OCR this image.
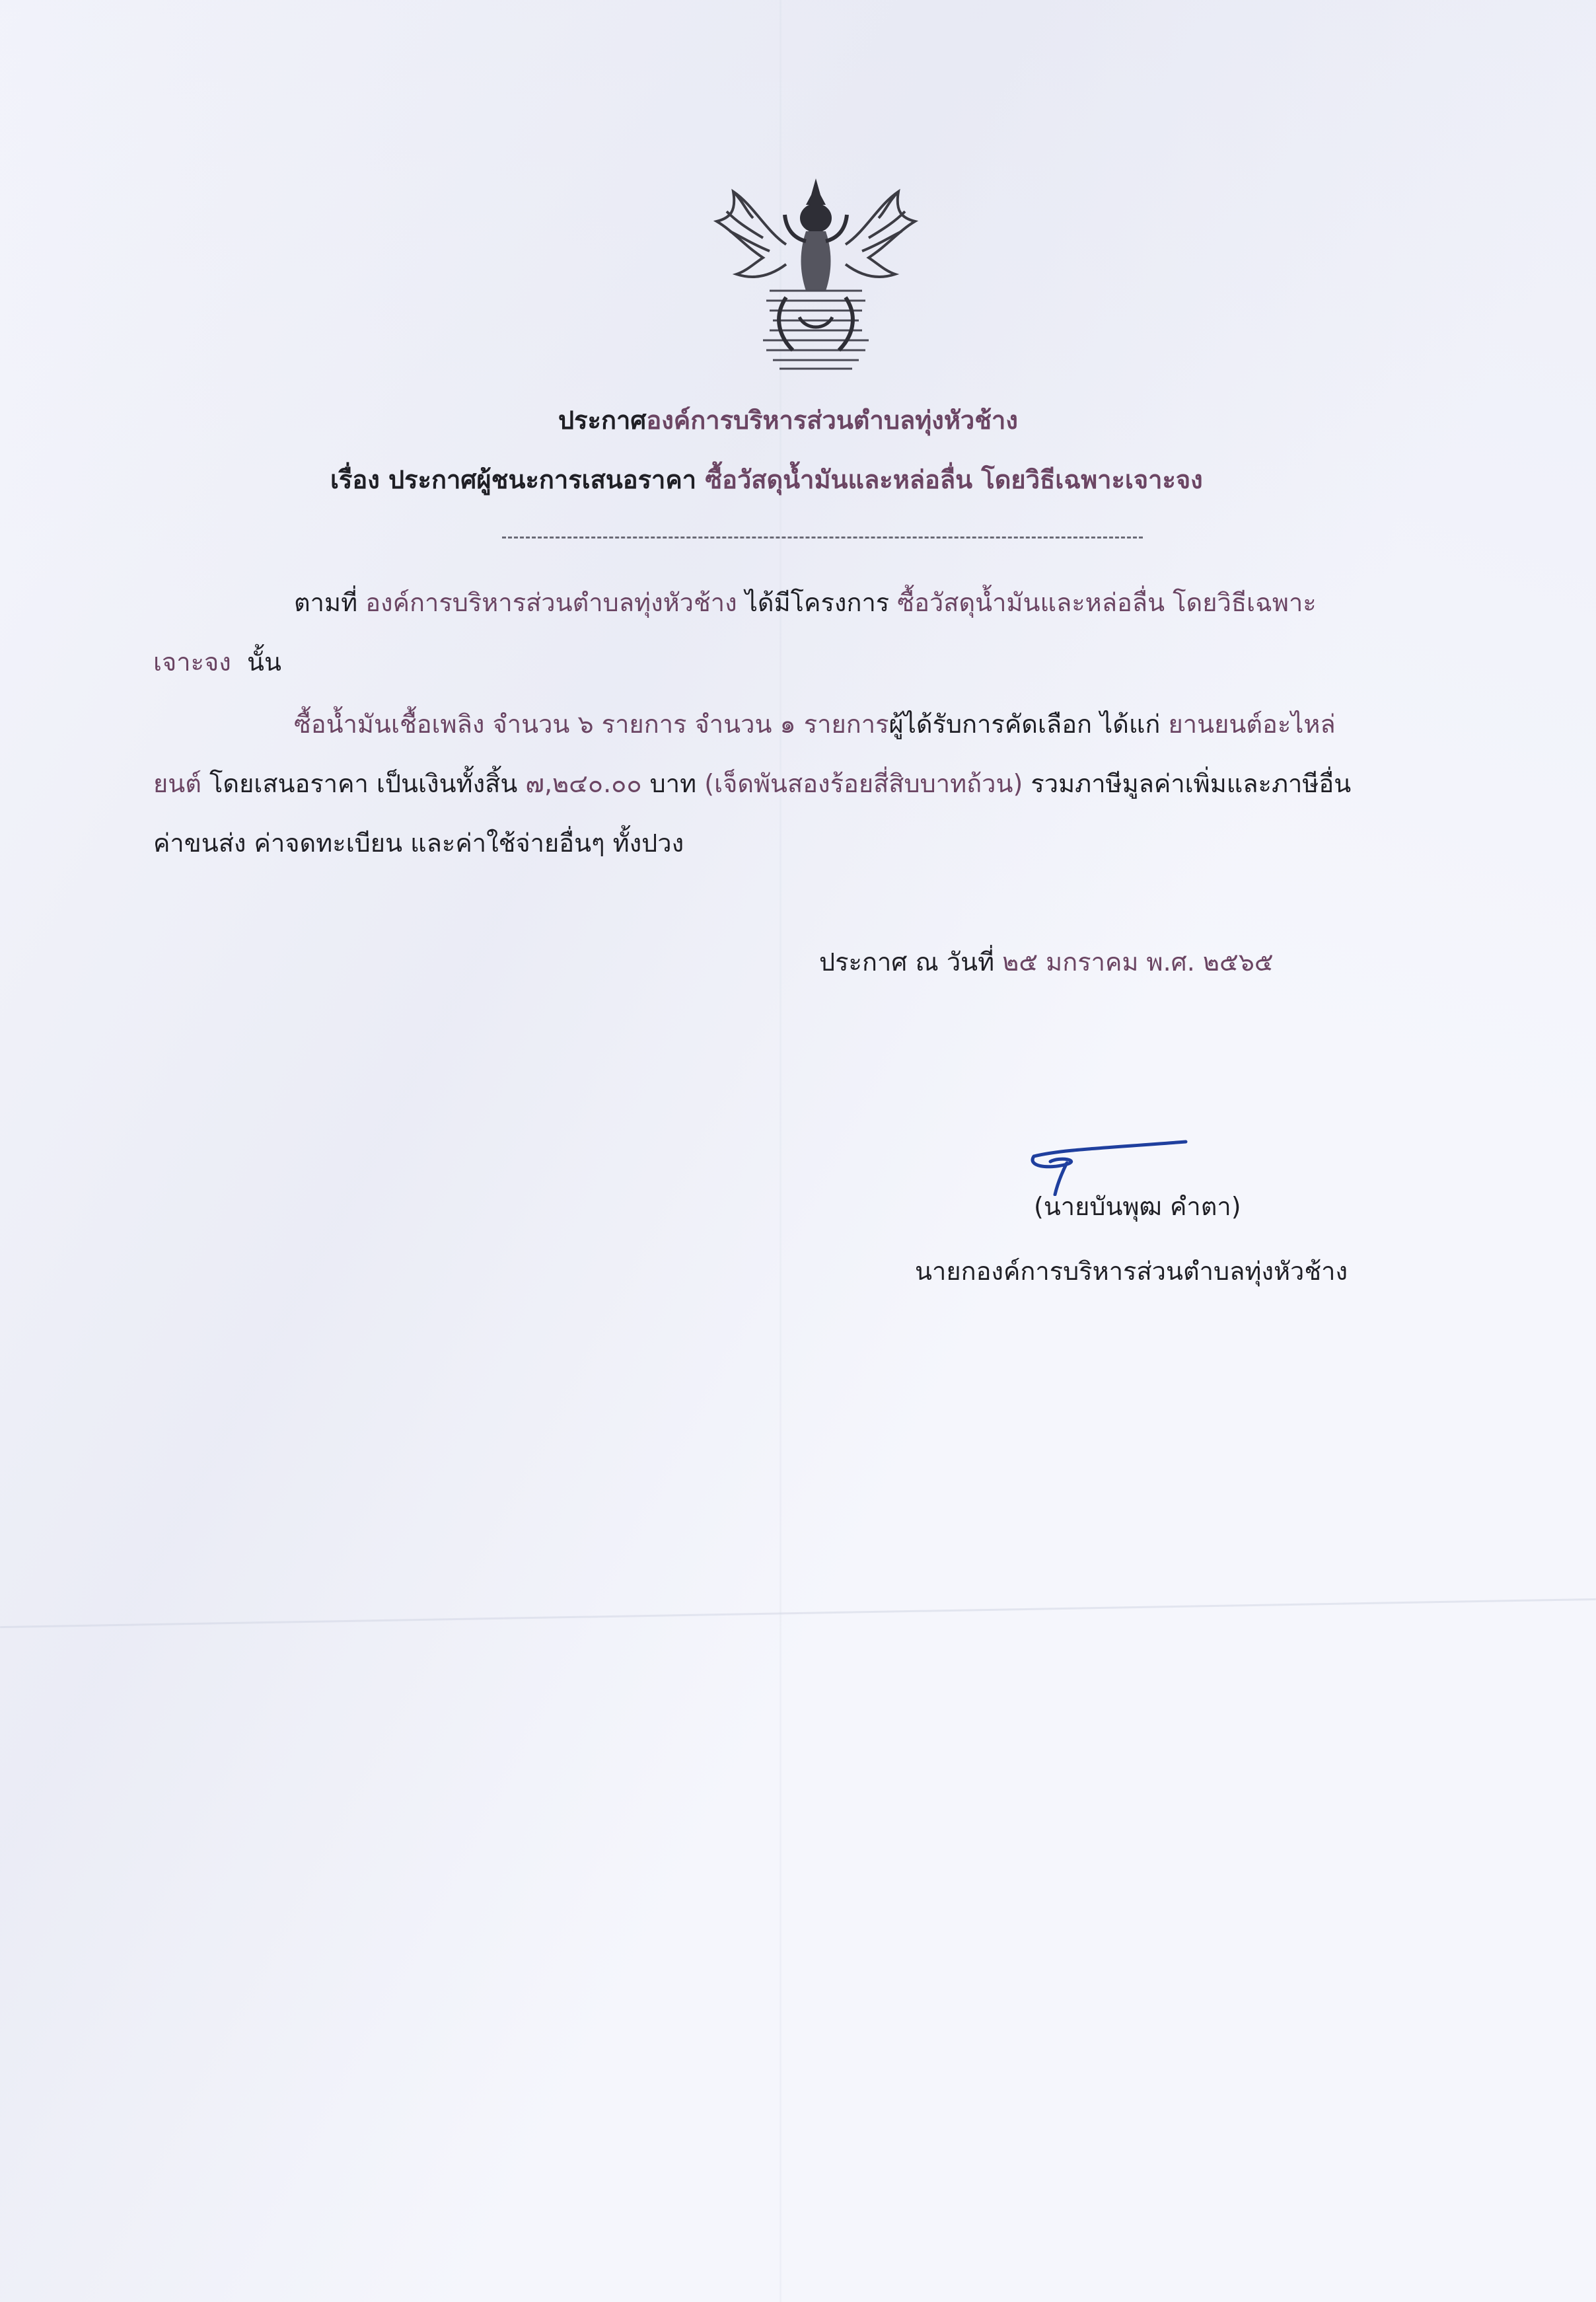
ประกาศองค์การบริหารส่วนตำบลทุ่งหัวช้าง
เรื่อง ประกาศผู้ชนะการเสนอราคา ซื้อวัสดุน้ำมันและหล่อลื่น โดยวิธีเฉพาะเจาะจง
ตามที่ องค์การบริหารส่วนตำบลทุ่งหัวช้าง ได้มีโครงการ ซื้อวัสดุน้ำมันและหล่อลื่น โดยวิธีเฉพาะ
เจาะจง นั้น
ซื้อน้ำมันเชื้อเพลิง จำนวน ๖ รายการ จำนวน ๑ รายการผู้ได้รับการคัดเลือก ได้แก่ ยานยนต์อะไหล่
ยนต์ โดยเสนอราคา เป็นเงินทั้งสิ้น ๗,๒๔๐.๐๐ บาท (เจ็ดพันสองร้อยสี่สิบบาทถ้วน) รวมภาษีมูลค่าเพิ่มและภาษีอื่น
ค่าขนส่ง ค่าจดทะเบียน และค่าใช้จ่ายอื่นๆ ทั้งปวง
ประกาศ ณ วันที่ ๒๕ มกราคม พ.ศ. ๒๕๖๕
(นายบันพุฒ คำตา)
นายกองค์การบริหารส่วนตำบลทุ่งหัวช้าง
